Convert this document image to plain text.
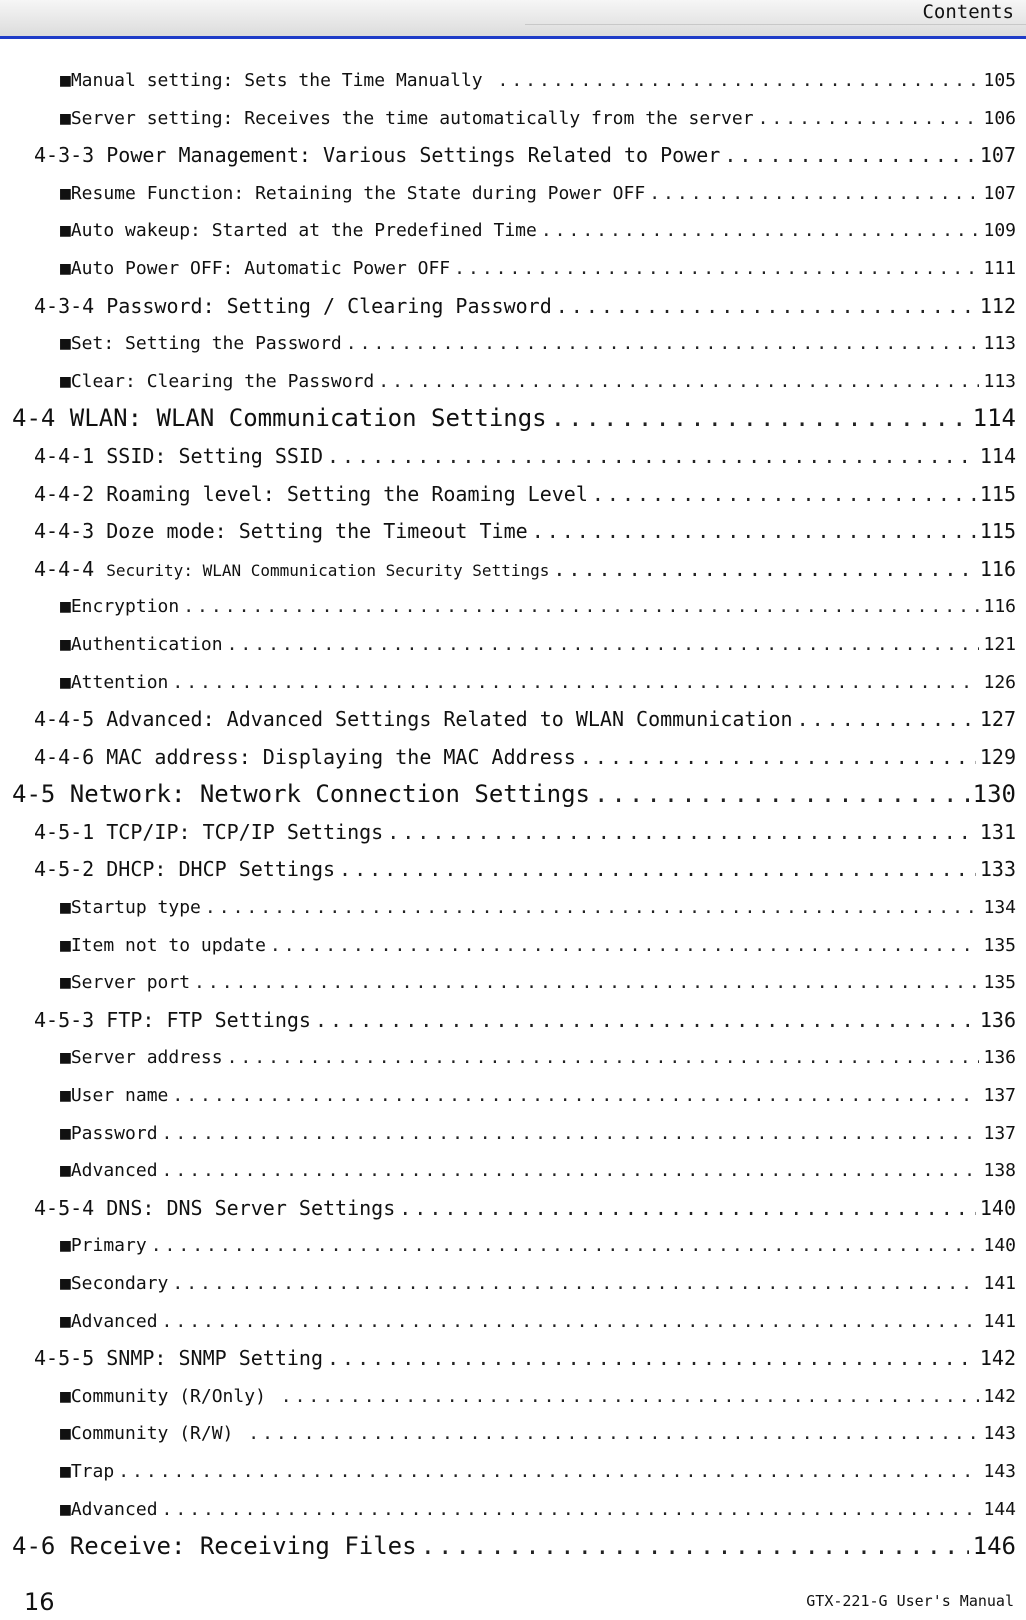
Contents
■Manual setting: Sets the Time Manually .....	105
■Server setting: Receives the time automatically from the server .....	106
4-3-3 Power Management: Various Settings Related to Power .....	107
■Resume Function: Retaining the State during Power OFF .....	107
■Auto wakeup: Started at the Predefined Time .....	109
■Auto Power OFF: Automatic Power OFF .....	111
4-3-4 Password: Setting / Clearing Password .....	112
■Set: Setting the Password .....	113
■Clear: Clearing the Password .....	113
4-4 WLAN: WLAN Communication Settings .....	114
4-4-1 SSID: Setting SSID .....	114
4-4-2 Roaming level: Setting the Roaming Level .....	115
4-4-3 Doze mode: Setting the Timeout Time .....	115
4-4-4 Security: WLAN Communication Security Settings .....	116
■Encryption .....	116
■Authentication .....	121
■Attention .....	126
4-4-5 Advanced: Advanced Settings Related to WLAN Communication .....	127
4-4-6 MAC address: Displaying the MAC Address .....	129
4-5 Network: Network Connection Settings .....	130
4-5-1 TCP/IP: TCP/IP Settings .....	131
4-5-2 DHCP: DHCP Settings .....	133
■Startup type .....	134
■Item not to update .....	135
■Server port .....	135
4-5-3 FTP: FTP Settings .....	136
■Server address .....	136
■User name .....	137
■Password .....	137
■Advanced .....	138
4-5-4 DNS: DNS Server Settings .....	140
■Primary .....	140
■Secondary .....	141
■Advanced .....	141
4-5-5 SNMP: SNMP Setting .....	142
■Community (R/Only) .....	142
■Community (R/W) .....	143
■Trap .....	143
■Advanced .....	144
4-6 Receive: Receiving Files .....	146
16	GTX-221-G User's Manual
